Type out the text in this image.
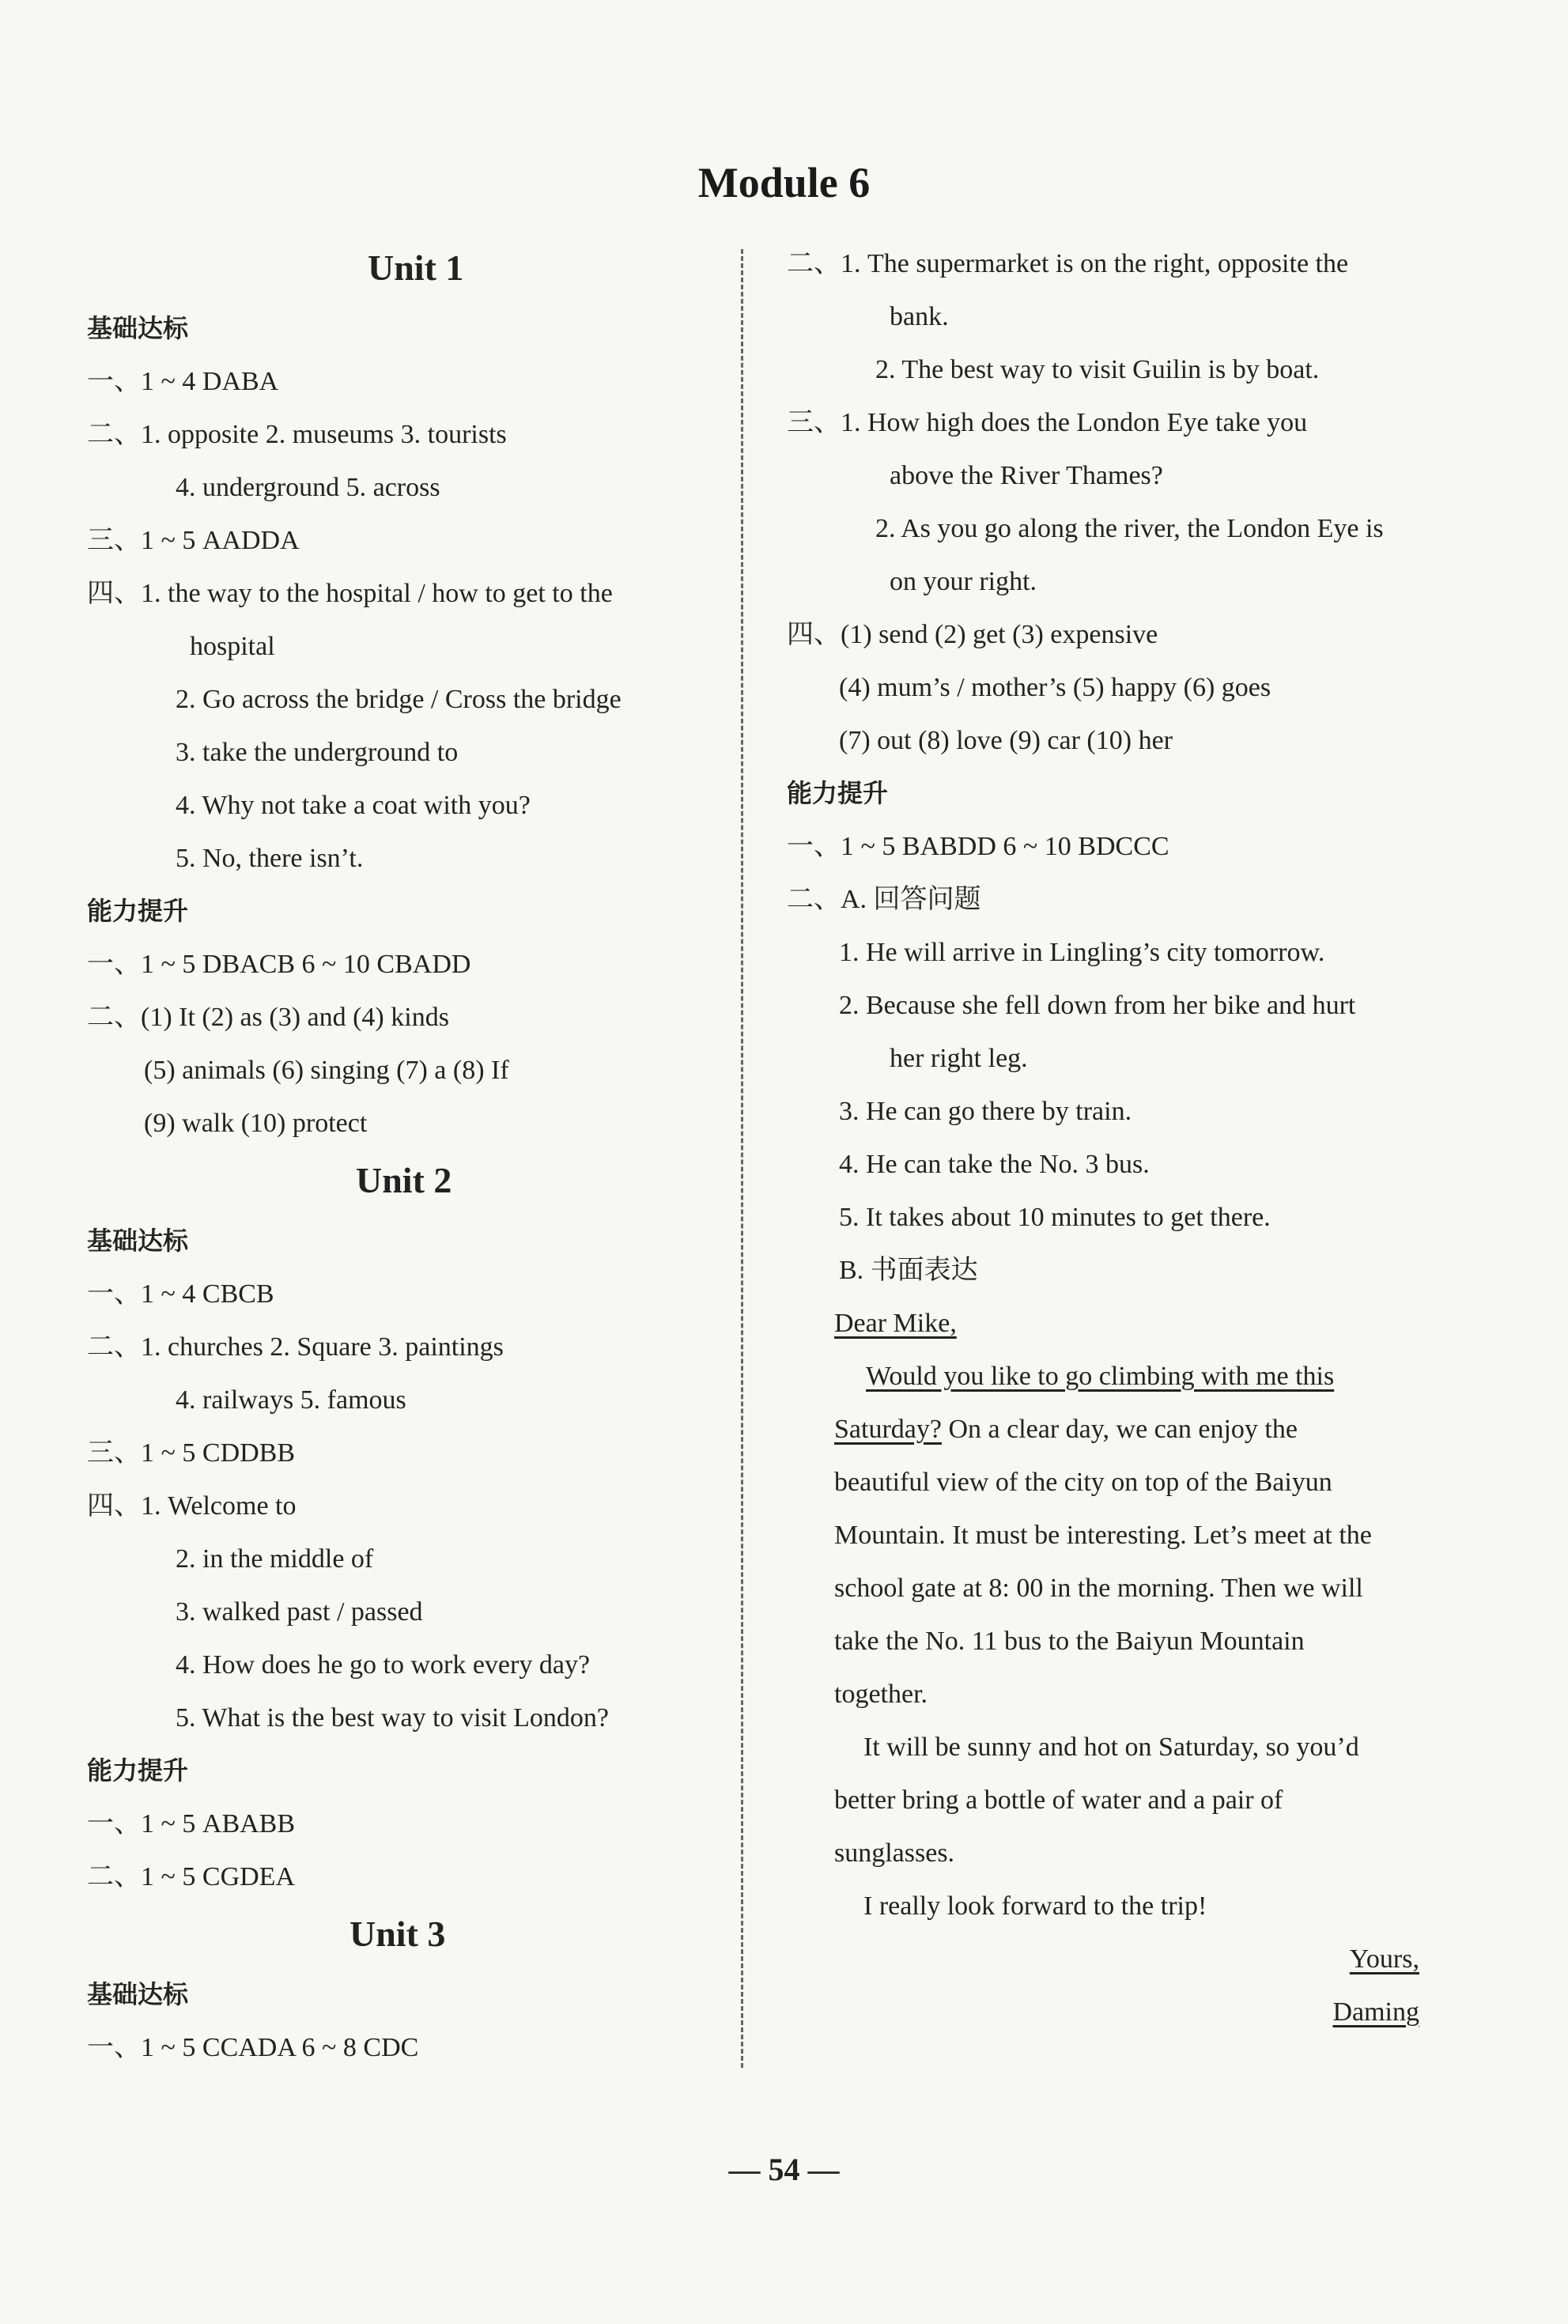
Module 6
Unit 1
基础达标
一、1 ~ 4 DABA
二、1. opposite 2. museums 3. tourists
4. underground 5. across
三、1 ~ 5 AADDA
四、1. the way to the hospital / how to get to the
hospital
2. Go across the bridge / Cross the bridge
3. take the underground to
4. Why not take a coat with you?
5. No, there isn’t.
能力提升
一、1 ~ 5 DBACB 6 ~ 10 CBADD
二、(1) It (2) as (3) and (4) kinds
(5) animals (6) singing (7) a (8) If
(9) walk (10) protect
Unit 2
基础达标
一、1 ~ 4 CBCB
二、1. churches 2. Square 3. paintings
4. railways 5. famous
三、1 ~ 5 CDDBB
四、1. Welcome to
2. in the middle of
3. walked past / passed
4. How does he go to work every day?
5. What is the best way to visit London?
能力提升
一、1 ~ 5 ABABB
二、1 ~ 5 CGDEA
Unit 3
基础达标
一、1 ~ 5 CCADA 6 ~ 8 CDC
二、1. The supermarket is on the right, opposite the
bank.
2. The best way to visit Guilin is by boat.
三、1. How high does the London Eye take you
above the River Thames?
2. As you go along the river, the London Eye is
on your right.
四、(1) send (2) get (3) expensive
(4) mum’s / mother’s (5) happy (6) goes
(7) out (8) love (9) car (10) her
能力提升
一、1 ~ 5 BABDD 6 ~ 10 BDCCC
二、A. 回答问题
1. He will arrive in Lingling’s city tomorrow.
2. Because she fell down from her bike and hurt
her right leg.
3. He can go there by train.
4. He can take the No. 3 bus.
5. It takes about 10 minutes to get there.
B. 书面表达
Dear Mike,
Would you like to go climbing with me this
Saturday? On a clear day, we can enjoy the
beautiful view of the city on top of the Baiyun
Mountain. It must be interesting. Let’s meet at the
school gate at 8: 00 in the morning. Then we will
take the No. 11 bus to the Baiyun Mountain
together.
It will be sunny and hot on Saturday, so you’d
better bring a bottle of water and a pair of
sunglasses.
I really look forward to the trip!
Yours,
Daming
— 54 —
